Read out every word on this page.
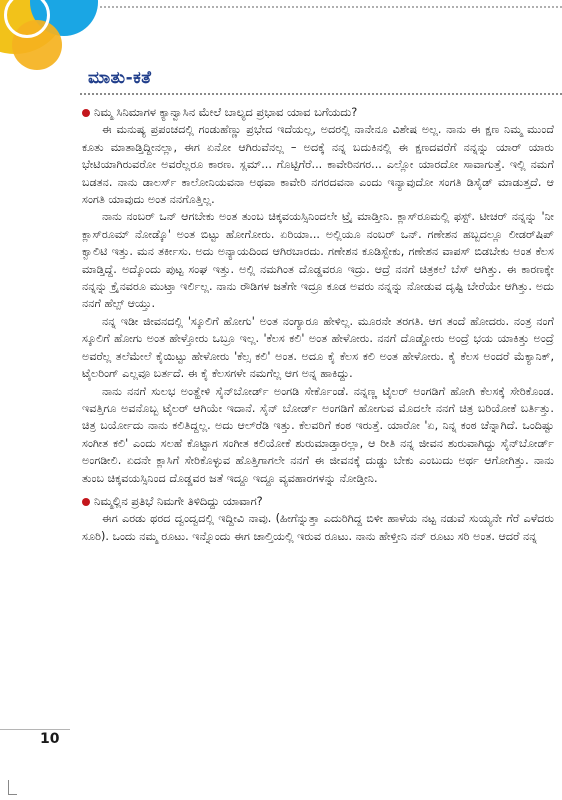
ಮಾತು-ಕತೆ

ನಿಮ್ಮ ಸಿನಿಮಾಗಳ ಕ್ಯಾನ್ವಾಸಿನ ಮೇಲೆ ಬಾಲ್ಯದ ಪ್ರಭಾವ ಯಾವ ಬಗೆಯದು?

ಈ ಮನುಷ್ಯ ಪ್ರಪಂಚದಲ್ಲಿ ಗಂಡುಹೆಣ್ಣು ಪ್ರಭೇದ ಇದೆಯಲ್ಲ, ಅದರಲ್ಲಿ ನಾನೇನೂ ವಿಶೇಷ ಅಲ್ಲ. ನಾನು ಈ ಕ್ಷಣ ನಿಮ್ಮ ಮುಂದೆ ಕೂತು ಮಾತಾಡ್ತಿದ್ದೀನಲ್ಲಾ, ಈಗ ಏನೋ ಆಗಿರುವೆನಲ್ಲ – ಅದಕ್ಕೆ ನನ್ನ ಬದುಕಿನಲ್ಲಿ ಈ ಕ್ಷಣದವರೆಗೆ ನನ್ನನ್ನು ಯಾರ್ ಯಾರು ಭೇಟಿಯಾಗಿರುವರೋ ಅವರೆಲ್ಲರೂ ಕಾರಣ. ಸ್ಲಮ್... ಗೊಟ್ಟಿಗೆರೆ... ಕಾವೇರಿನಗರ... ಎಲ್ಲೋ ಯಾರದೋ ಸಾವಾಗುತ್ತೆ. ಇಲ್ಲಿ ನಮಗೆ ಬಡತನ. ನಾನು ಡಾಲರ್ಸ್ ಕಾಲೋನಿಯವನಾ ಅಥವಾ ಕಾವೇರಿ ನಗರದವನಾ ಎಂದು ಇನ್ಯಾವುದೋ ಸಂಗತಿ ಡಿಸೈಡ್ ಮಾಡುತ್ತದೆ. ಆ ಸಂಗತಿ ಯಾವುದು ಅಂತ ನನಗೊತ್ತಿಲ್ಲ.

ನಾನು ನಂಬರ್ ಒನ್ ಆಗಬೇಕು ಅಂತ ತುಂಬ ಚಿಕ್ಕವಯಸ್ಸಿನಿಂದಲೇ ಟ್ರೈ ಮಾಡ್ತೀನಿ. ಕ್ಲಾಸ್‌ರೂಮಲ್ಲಿ ಫಸ್ಟ್. ಟೀಚರ್ ನನ್ನನ್ನು 'ನೀ ಕ್ಲಾಸ್‌ರೂಮ್ ನೋಡ್ಕೊ' ಅಂತ ಬಿಟ್ಟು ಹೋಗೋರು. ಏರಿಯಾ... ಅಲ್ಲಿಯೂ ನಂಬರ್ ಒನ್. ಗಣೇಶನ ಹಬ್ಬದಲ್ಲೂ ಲೀಡರ್‌ಷಿಪ್ ಕ್ವಾಲಿಟಿ ಇತ್ತು. ಮನ ತರ್ಕೀಸು. ಅದು ಅನ್ಯಾಯದಿಂದ ಆಗಿರಬಾರದು. ಗಣೇಶನ ಕೂಡಿಸ್ಬೇಕು, ಗಣೇಶನ ವಾಪಸ್ ಬಿಡಬೇಕು ಅಂತ ಕೆಲಸ ಮಾಡ್ತಿದ್ದೆ. ಅದ್ಕೊಂದು ಪುಟ್ಟ ಸಂಘ ಇತ್ತು. ಅಲ್ಲಿ ನಮಗಿಂತ ದೊಡ್ಡವರೂ ಇದ್ರು. ಆದ್ರೆ ನನಗೆ ಚಿತ್ರಕಲೆ ಬೆಸ್ ಆಗಿತ್ತು. ಈ ಕಾರಣಕ್ಕೇ ನನ್ನನ್ನು ಕ್ರೈನವರೂ ಮುಟ್ತಾ ಇರ್ಲಿಲ್ಲ. ನಾನು ರೌಡಿಗಳ ಜತೆಗೇ ಇದ್ರೂ ಕೂಡ ಅವರು ನನ್ನನ್ನು ನೋಡುವ ದೃಷ್ಟಿ ಬೇರೆಯೇ ಆಗಿತ್ತು. ಅದು ನನಗೆ ಹೆಲ್ಪ್ ಆಯ್ತು.

ನನ್ನ ಇಡೀ ಜೀವನದಲ್ಲಿ 'ಸ್ಕೂಲಿಗೆ ಹೋಗು' ಅಂತ ನಂಗ್ಯಾರೂ ಹೇಳಿಲ್ಲ. ಮೂರನೇ ತರಗತಿ. ಆಗ ತಂದೆ ಹೋದರು. ನಂತ್ರ ನಂಗೆ ಸ್ಕೂಲಿಗೆ ಹೋಗು ಅಂತ ಹೇಳ್ತೋರು ಒಬ್ರೂ ಇಲ್ಲ. 'ಕೆಲಸ ಕಲಿ' ಅಂತ ಹೇಳೋರು. ನನಗೆ ದೊಡ್ಡೋರು ಅಂದ್ರೆ ಭಯ ಯಾಕಿತ್ತು ಅಂದ್ರೆ ಅವರೆಲ್ಲ ತಲೆಮೇಲೆ ಕೈಯಿಟ್ಟು ಹೇಳೋರು 'ಕೆಲ್ಸ ಕಲಿ' ಅಂತ. ಅದೂ ಕೈ ಕೆಲಸ ಕಲಿ ಅಂತ ಹೇಳೋರು. ಕೈ ಕೆಲಸ ಅಂದರೆ ಮೆಕ್ಯಾನಿಕ್, ಟೈಲರಿಂಗ್ ಎಲ್ಲವೂ ಬರ್ತದೆ. ಈ ಕೈ ಕೆಲಸಗಳೇ ನಮಗೆಲ್ಲ ಆಗ ಅನ್ನ ಹಾಕಿದ್ದು.

ನಾನು ನನಗೆ ಸುಲಭ ಅಂತ್ಹೇಳಿ ಸೈನ್‌ಬೋರ್ಡ್ ಅಂಗಡಿ ಸೇರ್ಕೊಂಡೆ. ನನ್ನಣ್ಣ ಟೈಲರ್ ಅಂಗಡಿಗೆ ಹೋಗಿ ಕೆಲಸಕ್ಕೆ ಸೇರಿಕೊಂಡ. ಇವತ್ತಿಗೂ ಅವನೊಬ್ಬ ಟೈಲರ್ ಆಗಿಯೇ ಇದಾನೆ. ಸೈನ್ ಬೋರ್ಡ್ ಅಂಗಡಿಗೆ ಹೋಗುವ ಮೊದಲೇ ನನಗೆ ಚಿತ್ರ ಬರಿಯೋಕೆ ಬರ್ತಿತ್ತು. ಚಿತ್ರ ಬರ್ಯೋದು ನಾನು ಕಲಿತಿದ್ದಲ್ಲ. ಅದು ಆಲ್‌ರೆಡಿ ಇತ್ತು. ಕೆಲವರಿಗೆ ಕಂಠ ಇರುತ್ತೆ. ಯಾರೋ 'ಏ, ನಿನ್ನ ಕಂಠ ಚೆನ್ನಾಗಿದೆ. ಒಂದಿಷ್ಟು ಸಂಗೀತ ಕಲಿ' ಎಂದು ಸಲಹೆ ಕೊಟ್ಟಾಗ ಸಂಗೀತ ಕಲಿಯೋಕೆ ಶುರುಮಾಡ್ತಾರಲ್ಲಾ, ಆ ರೀತಿ ನನ್ನ ಜೀವನ ಶುರುವಾಗಿದ್ದು ಸೈನ್‌ಬೋರ್ಡ್ ಅಂಗಡೀಲಿ. ಏದನೇ ಕ್ಲಾಸಿಗೆ ಸೇರಿಕೊಳ್ಳುವ ಹೊತ್ತಿಗಾಗಲೇ ನನಗೆ ಈ ಜೀವನಕ್ಕೆ ದುಡ್ಡು ಬೇಕು ಎಂಬುದು ಅರ್ಥ ಆಗೋಗಿತ್ತು. ನಾನು ತುಂಬ ಚಿಕ್ಕವಯಸ್ಸಿನಿಂದ ದೊಡ್ಡವರ ಜತೆ ಇದ್ದೂ ಇದ್ದೂ ವ್ಯವಹಾರಗಳನ್ನು ನೋಡ್ತೀನಿ.

ನಿಮ್ಮಲ್ಲಿನ ಪ್ರತಿಭೆ ನಿಮಗೇ ತಿಳಿದಿದ್ದು ಯಾವಾಗ?

ಈಗ ಎರಡು ಥರದ ದ್ವಂದ್ವದಲ್ಲಿ ಇದ್ದೀವಿ ನಾವು. (ಹೀಗೆನ್ನುತ್ತಾ ಎದುರಿಗಿದ್ದ ಬಿಳೀ ಹಾಳೆಯ ನಟ್ಟ ನಡುವೆ ಸುಯ್ಯನೇ ಗೆರೆ ಎಳೆದರು ಸೂರಿ). ಒಂದು ನಮ್ಮ ರೂಟು. ಇನ್ನೊಂದು ಈಗ ಚಾಲ್ತಿಯಲ್ಲಿ ಇರುವ ರೂಟು. ನಾನು ಹೇಳ್ತೀನಿ ನನ್ ರೂಟು ಸರಿ ಅಂತ. ಆದರೆ ನನ್ನ

10
